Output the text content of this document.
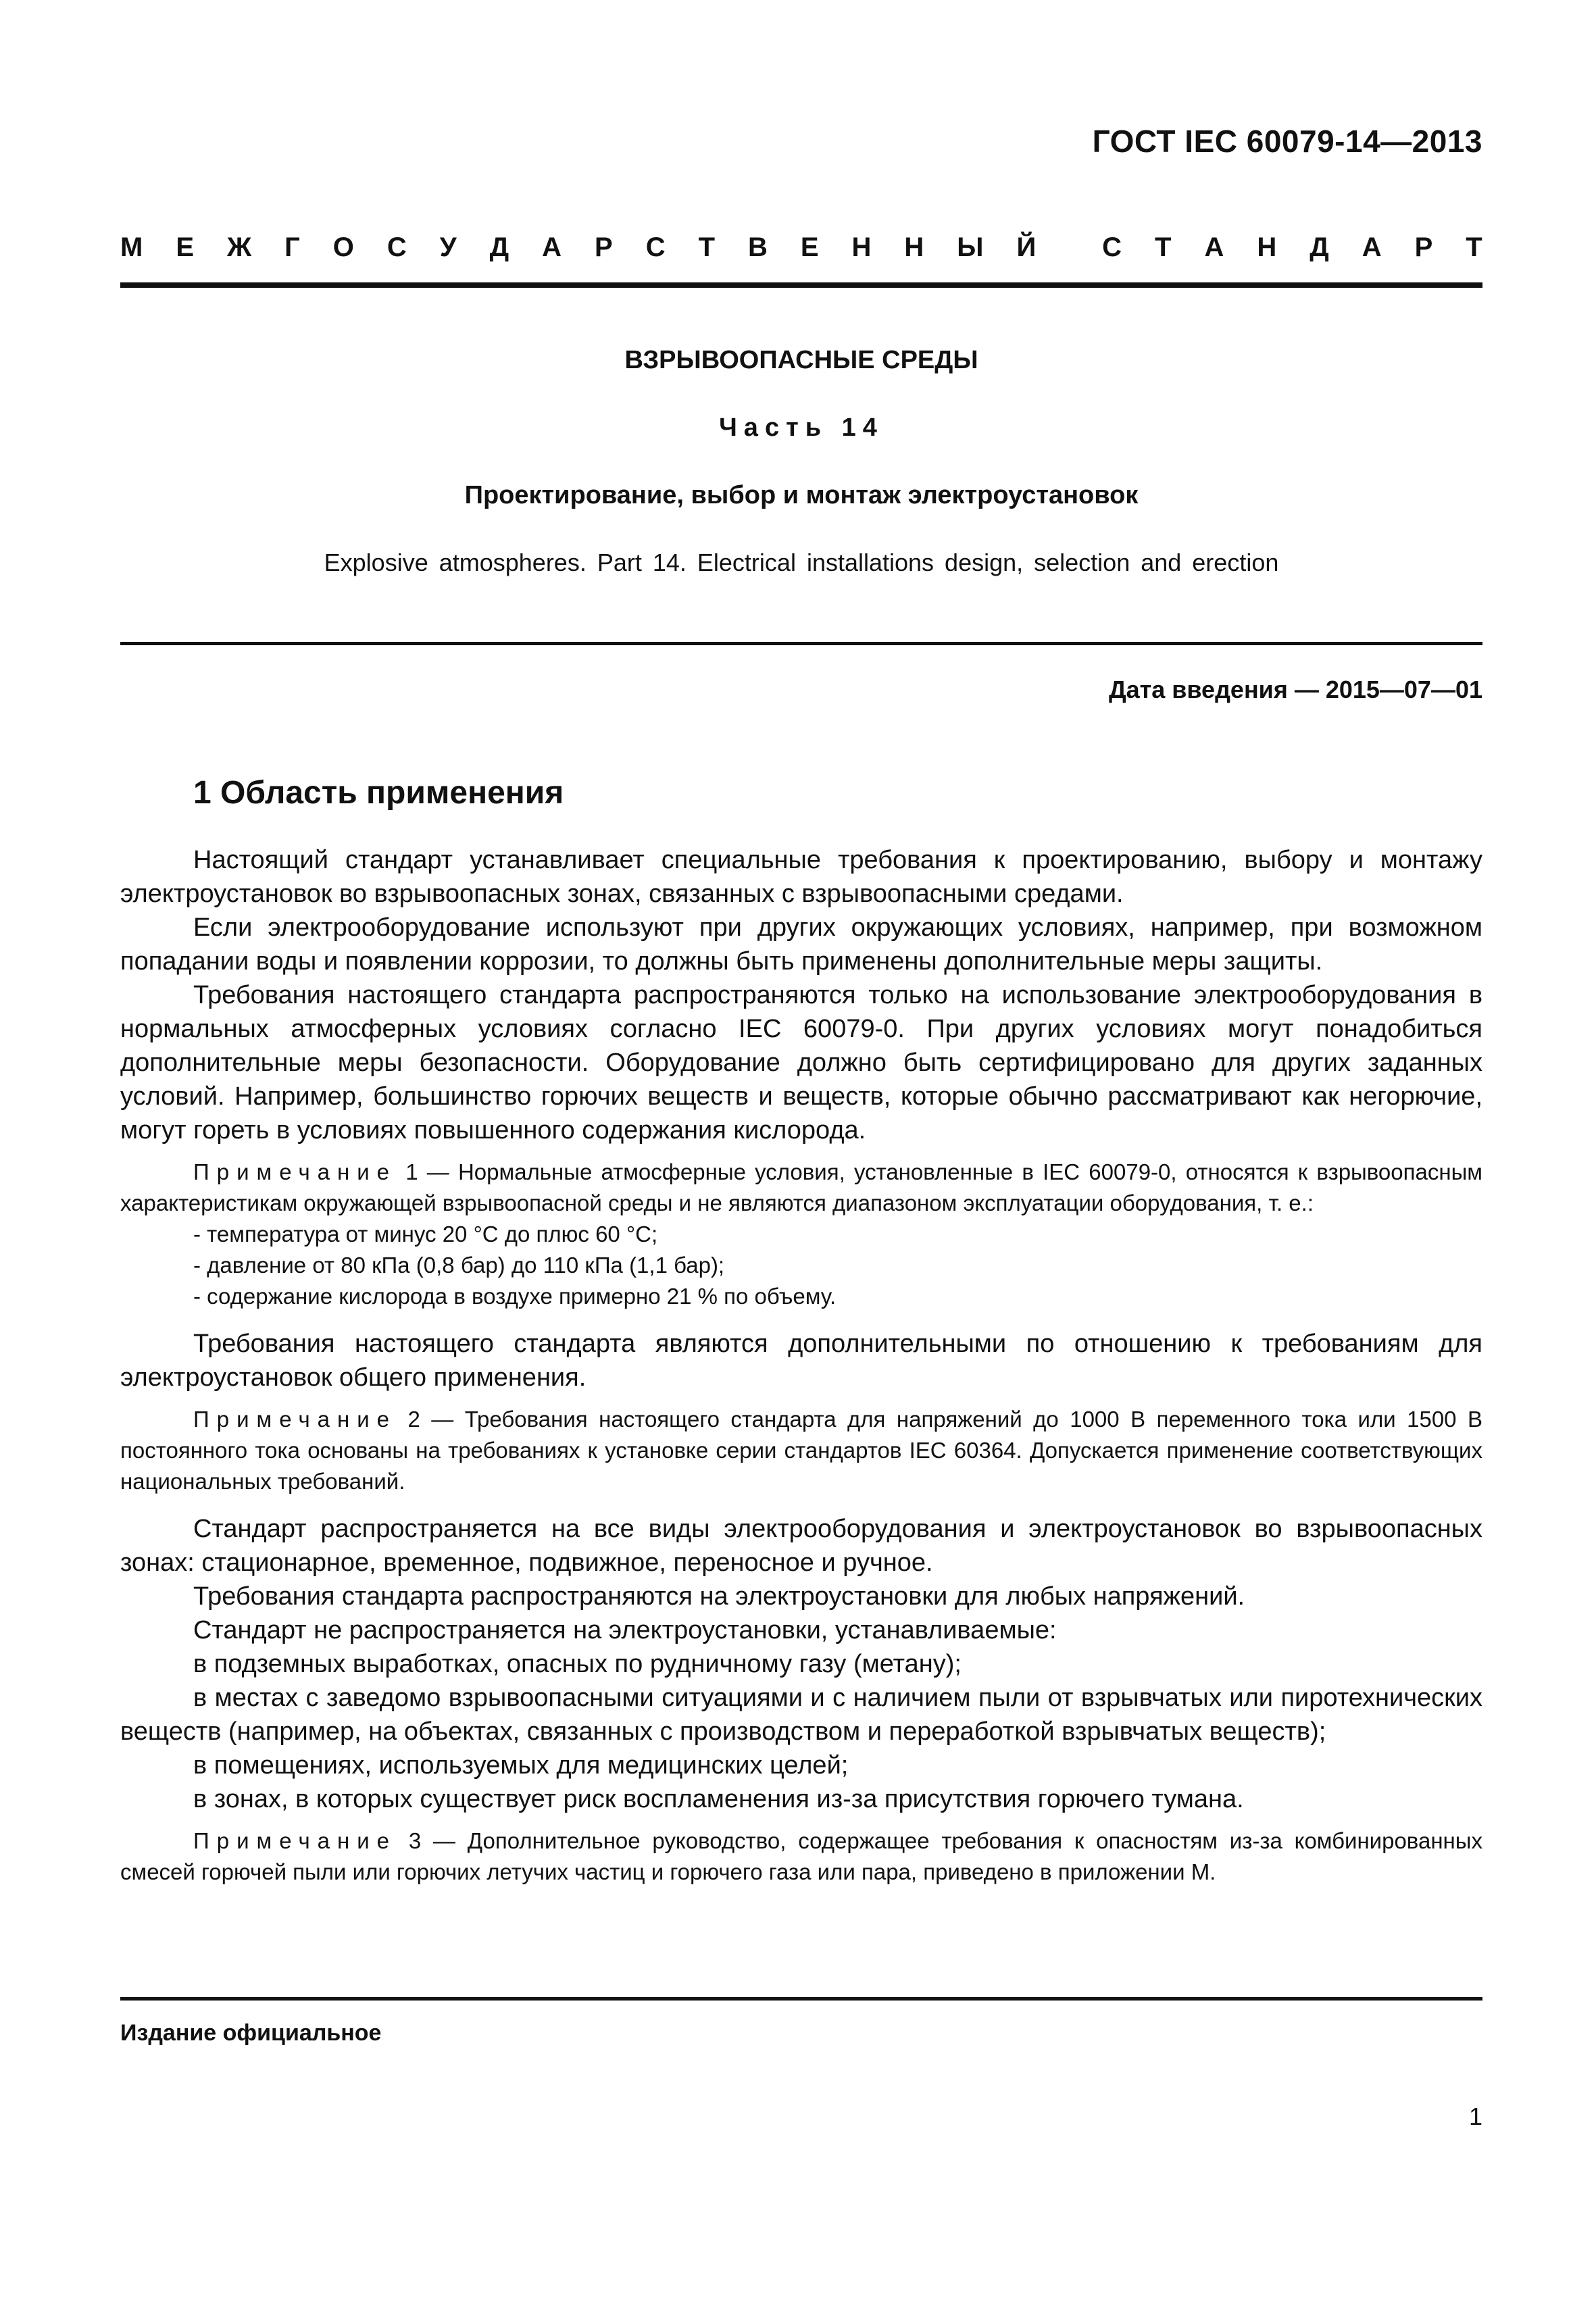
ГОСТ IEC 60079-14—2013
М Е Ж Г О С У Д А Р С Т В Е Н Н Ы Й С Т А Н Д А Р Т
ВЗРЫВООПАСНЫЕ СРЕДЫ
Часть 14
Проектирование, выбор и монтаж электроустановок
Explosive atmospheres. Part 14. Electrical installations design, selection and erection
Дата введения — 2015—07—01
1 Область применения

Настоящий стандарт устанавливает специальные требования к проектированию, выбору и монтажу электроустановок во взрывоопасных зонах, связанных с взрывоопасными средами.

Если электрооборудование используют при других окружающих условиях, например, при возможном попадании воды и появлении коррозии, то должны быть применены дополнительные меры защиты.

Требования настоящего стандарта распространяются только на использование электрооборудования в нормальных атмосферных условиях согласно IEC 60079-0. При других условиях могут понадобиться дополнительные меры безопасности. Оборудование должно быть сертифицировано для других заданных условий. Например, большинство горючих веществ и веществ, которые обычно рассматривают как негорючие, могут гореть в условиях повышенного содержания кислорода.

Примечание 1 — Нормальные атмосферные условия, установленные в IEC 60079-0, относятся к взрывоопасным характеристикам окружающей взрывоопасной среды и не являются диапазоном эксплуатации оборудования, т. е.:

- температура от минус 20 °С до плюс 60 °С;

- давление от 80 кПа (0,8 бар) до 110 кПа (1,1 бар);

- содержание кислорода в воздухе примерно 21 % по объему.

Требования настоящего стандарта являются дополнительными по отношению к требованиям для электроустановок общего применения.

Примечание 2 — Требования настоящего стандарта для напряжений до 1000 В переменного тока или 1500 В постоянного тока основаны на требованиях к установке серии стандартов IEC 60364. Допускается применение соответствующих национальных требований.

Стандарт распространяется на все виды электрооборудования и электроустановок во взрывоопасных зонах: стационарное, временное, подвижное, переносное и ручное.

Требования стандарта распространяются на электроустановки для любых напряжений.

Стандарт не распространяется на электроустановки, устанавливаемые:

в подземных выработках, опасных по рудничному газу (метану);

в местах с заведомо взрывоопасными ситуациями и с наличием пыли от взрывчатых или пиротехнических веществ (например, на объектах, связанных с производством и переработкой взрывчатых веществ);

в помещениях, используемых для медицинских целей;

в зонах, в которых существует риск воспламенения из-за присутствия горючего тумана.

Примечание 3 — Дополнительное руководство, содержащее требования к опасностям из-за комбинированных смесей горючей пыли или горючих летучих частиц и горючего газа или пара, приведено в приложении М.

Издание официальное
1
